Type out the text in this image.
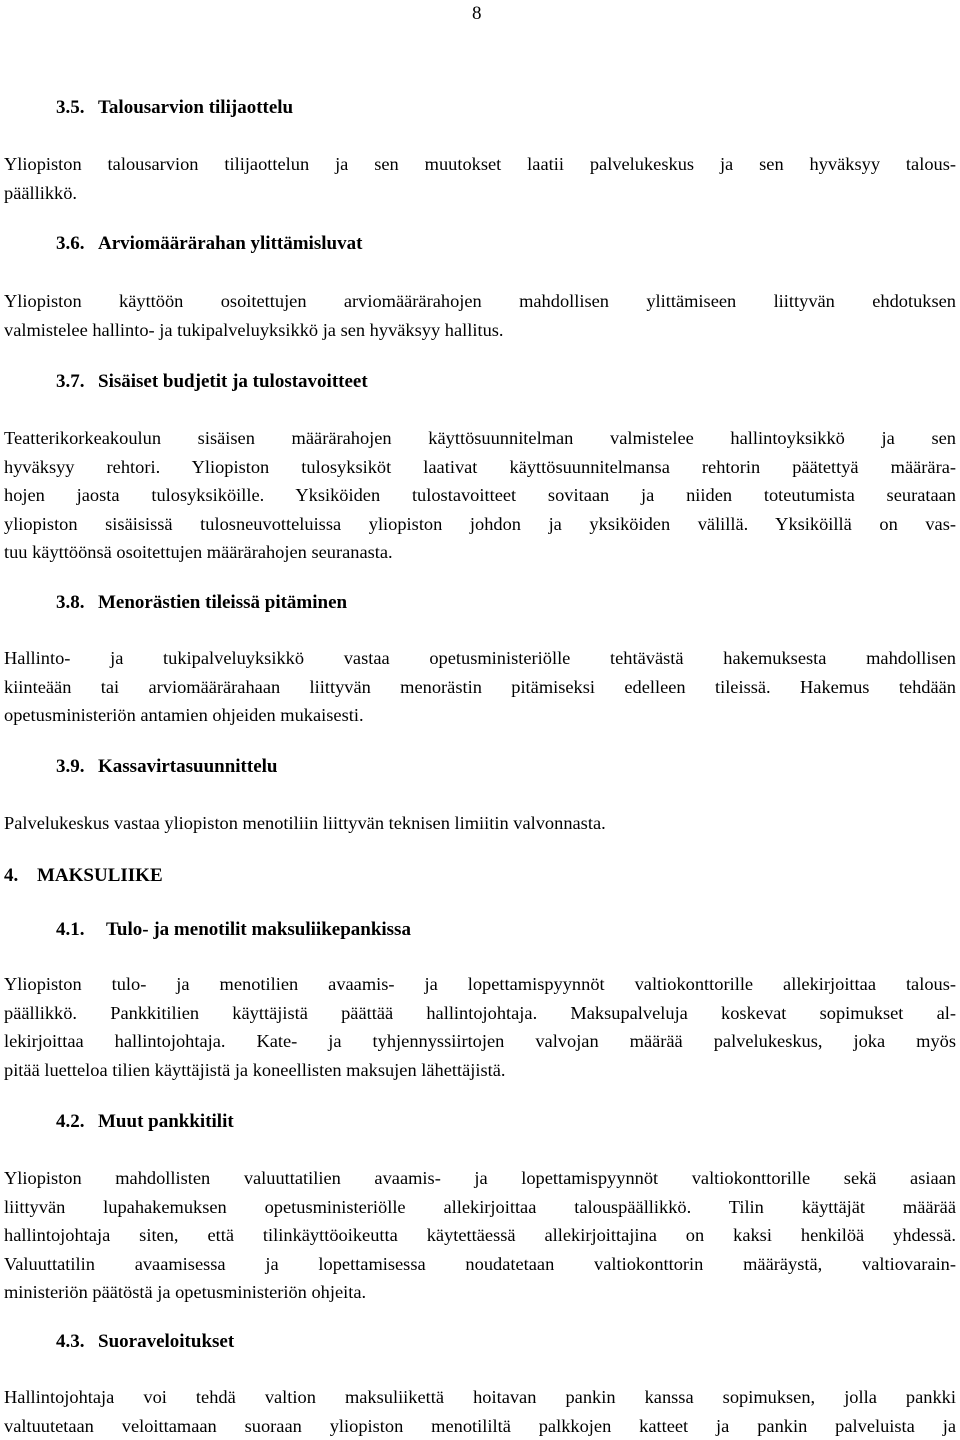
8
3.5. Talousarvion tilijaottelu
Yliopiston talousarvion tilijaottelun ja sen muutokset laatii palvelukeskus ja sen hyväksyy talous-
päällikkö.
3.6. Arviomäärärahan ylittämisluvat
Yliopiston käyttöön osoitettujen arviomäärärahojen mahdollisen ylittämiseen liittyvän ehdotuksen
valmistelee hallinto- ja tukipalveluyksikkö ja sen hyväksyy hallitus.
3.7. Sisäiset budjetit ja tulostavoitteet
Teatterikorkeakoulun sisäisen määrärahojen käyttösuunnitelman valmistelee hallintoyksikkö ja sen
hyväksyy rehtori. Yliopiston tulosyksiköt laativat käyttösuunnitelmansa rehtorin päätettyä määrära-
hojen jaosta tulosyksiköille. Yksiköiden tulostavoitteet sovitaan ja niiden toteutumista seurataan
yliopiston sisäisissä tulosneuvotteluissa yliopiston johdon ja yksiköiden välillä. Yksiköillä on vas-
tuu käyttöönsä osoitettujen määrärahojen seuranasta.
3.8. Menorästien tileissä pitäminen
Hallinto- ja tukipalveluyksikkö vastaa opetusministeriölle tehtävästä hakemuksesta mahdollisen
kiinteään tai arviomäärärahaan liittyvän menorästin pitämiseksi edelleen tileissä. Hakemus tehdään
opetusministeriön antamien ohjeiden mukaisesti.
3.9. Kassavirtasuunnittelu
Palvelukeskus vastaa yliopiston menotiliin liittyvän teknisen limiitin valvonnasta.
4. MAKSULIIKE
4.1. Tulo- ja menotilit maksuliikepankissa
Yliopiston tulo- ja menotilien avaamis- ja lopettamispyynnöt valtiokonttorille allekirjoittaa talous-
päällikkö. Pankkitilien käyttäjistä päättää hallintojohtaja. Maksupalveluja koskevat sopimukset al-
lekirjoittaa hallintojohtaja. Kate- ja tyhjennyssiirtojen valvojan määrää palvelukeskus, joka myös
pitää luetteloa tilien käyttäjistä ja koneellisten maksujen lähettäjistä.
4.2. Muut pankkitilit
Yliopiston mahdollisten valuuttatilien avaamis- ja lopettamispyynnöt valtiokonttorille sekä asiaan
liittyvän lupahakemuksen opetusministeriölle allekirjoittaa talouspäällikkö. Tilin käyttäjät määrää
hallintojohtaja siten, että tilinkäyttöoikeutta käytettäessä allekirjoittajina on kaksi henkilöä yhdessä.
Valuuttatilin avaamisessa ja lopettamisessa noudatetaan valtiokonttorin määräystä, valtiovarain-
ministeriön päätöstä ja opetusministeriön ohjeita.
4.3. Suoraveloitukset
Hallintojohtaja voi tehdä valtion maksuliikettä hoitavan pankin kanssa sopimuksen, jolla pankki
valtuutetaan veloittamaan suoraan yliopiston menotililtä palkkojen katteet ja pankin palveluista ja
